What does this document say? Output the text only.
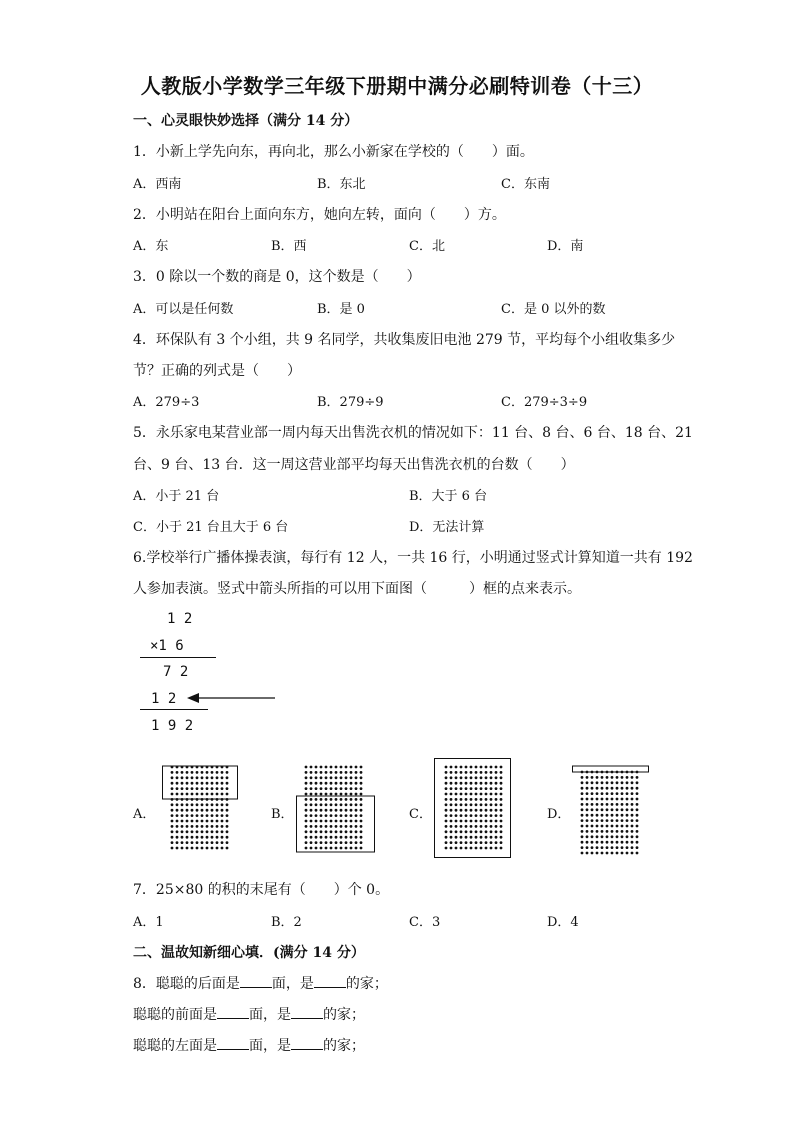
人教版小学数学三年级下册期中满分必刷特训卷（十三）
一、心灵眼快妙选择（满分 14 分）
1．小新上学先向东，再向北，那么小新家在学校的（　　）面。
A．西南	B．东北	C．东南
2．小明站在阳台上面向东方，她向左转，面向（　　）方。
A．东	B．西	C．北	D．南
3．0 除以一个数的商是 0，这个数是（　　）
A．可以是任何数	B．是 0	C．是 0 以外的数
4．环保队有 3 个小组，共 9 名同学，共收集废旧电池 279 节，平均每个小组收集多少
节？正确的列式是（　　）
A．279÷3	B．279÷9	C．279÷3÷9
5．永乐家电某营业部一周内每天出售洗衣机的情况如下：11 台、8 台、6 台、18 台、21
台、9 台、13 台．这一周这营业部平均每天出售洗衣机的台数（　　）
A．小于 21 台	B．大于 6 台
C．小于 21 台且大于 6 台	D．无法计算
6.学校举行广播体操表演，每行有 12 人，一共 16 行，小明通过竖式计算知道一共有 192
人参加表演。竖式中箭头所指的可以用下面图（　　　）框的点来表示。
1 2
×1 6
7 2
1 2
1 9 2
A．	B．	C．	D．
7．25×80 的积的末尾有（　　）个 0。
A．1	B．2	C．3	D．4
二、温故知新细心填．(满分 14 分）
8．聪聪的后面是 面，是 的家；
聪聪的前面是 面，是 的家；
聪聪的左面是 面，是 的家；
